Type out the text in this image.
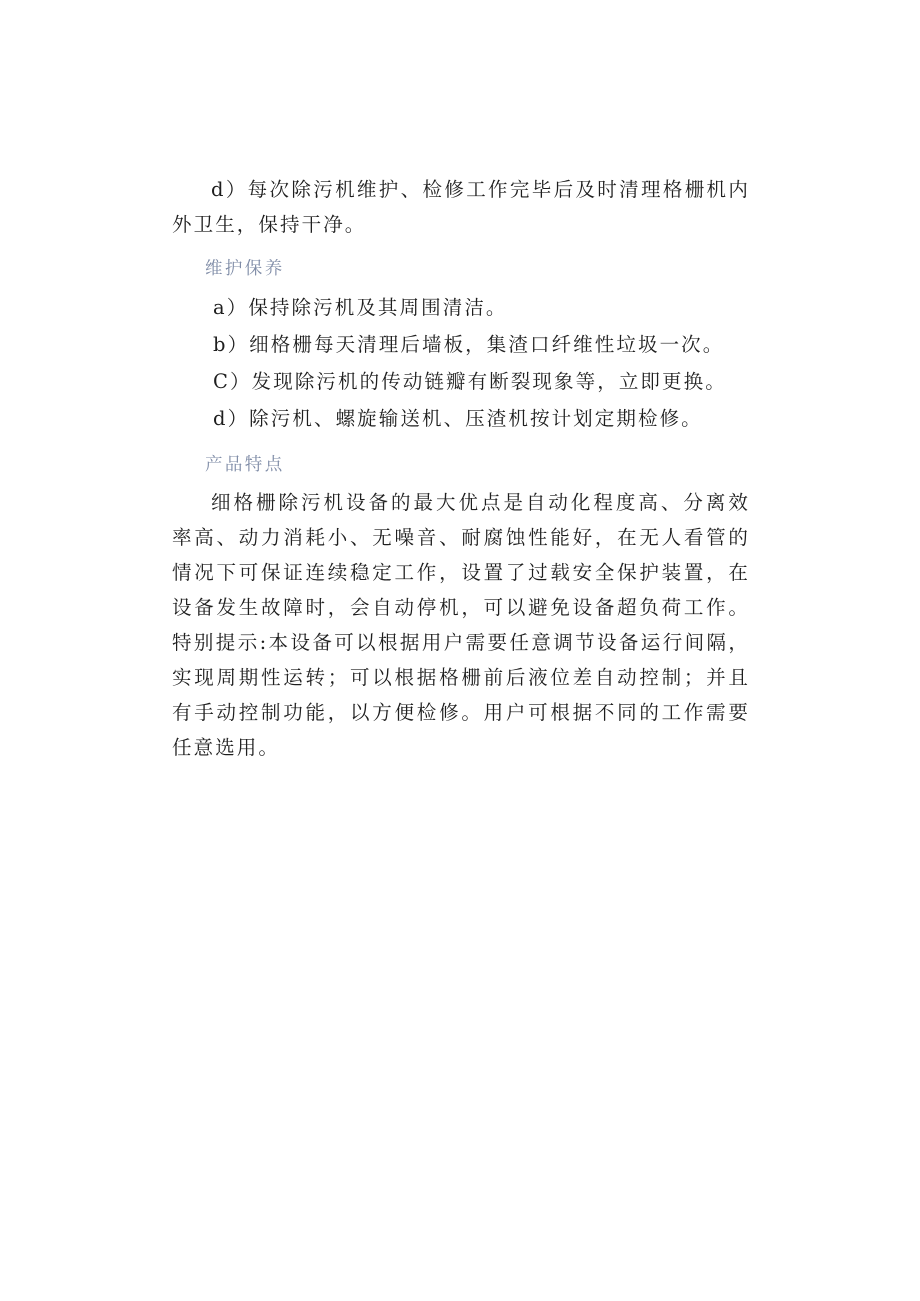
d）每次除污机维护、检修工作完毕后及时清理格栅机内外卫生，保持干净。

维护保养

a）保持除污机及其周围清洁。

b）细格栅每天清理后墙板，集渣口纤维性垃圾一次。

C）发现除污机的传动链瓣有断裂现象等，立即更换。

d）除污机、螺旋输送机、压渣机按计划定期检修。

产品特点

细格栅除污机设备的最大优点是自动化程度高、分离效率高、动力消耗小、无噪音、耐腐蚀性能好，在无人看管的情况下可保证连续稳定工作，设置了过载安全保护装置，在设备发生故障时，会自动停机，可以避免设备超负荷工作。特别提示:本设备可以根据用户需要任意调节设备运行间隔，实现周期性运转；可以根据格栅前后液位差自动控制；并且有手动控制功能，以方便检修。用户可根据不同的工作需要任意选用。
